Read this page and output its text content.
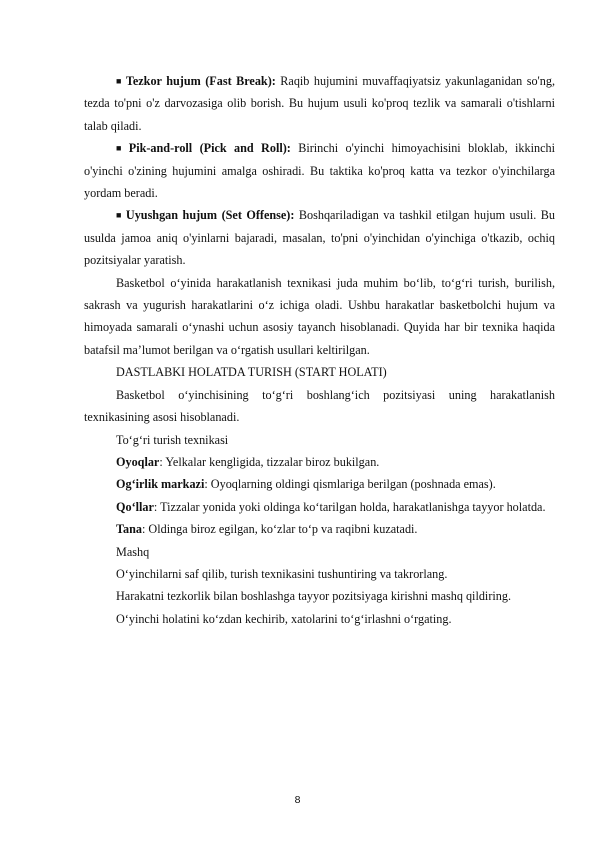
■ Tezkor hujum (Fast Break): Raqib hujumini muvaffaqiyatsiz yakunlaganidan so'ng, tezda to'pni o'z darvozasiga olib borish. Bu hujum usuli ko'proq tezlik va samarali o'tishlarni talab qiladi.

■ Pik-and-roll (Pick and Roll): Birinchi o'yinchi himoyachisini bloklab, ikkinchi o'yinchi o'zining hujumini amalga oshiradi. Bu taktika ko'proq katta va tezkor o'yinchilarga yordam beradi.

■ Uyushgan hujum (Set Offense): Boshqariladigan va tashkil etilgan hujum usuli. Bu usulda jamoa aniq o'yinlarni bajaradi, masalan, to'pni o'yinchidan o'yinchiga o'tkazib, ochiq pozitsiyalar yaratish.

Basketbol o‘yinida harakatlanish texnikasi juda muhim bo‘lib, to‘g‘ri turish, burilish, sakrash va yugurish harakatlarini o‘z ichiga oladi. Ushbu harakatlar basketbolchi hujum va himoyada samarali o‘ynashi uchun asosiy tayanch hisoblanadi. Quyida har bir texnika haqida batafsil ma’lumot berilgan va o‘rgatish usullari keltirilgan.

DASTLABKI HOLATDA TURISH (START HOLATI)

Basketbol o‘yinchisining to‘g‘ri boshlang‘ich pozitsiyasi uning harakatlanish texnikasining asosi hisoblanadi.

To‘g‘ri turish texnikasi

Oyoqlar: Yelkalar kengligida, tizzalar biroz bukilgan.

Og‘irlik markazi: Oyoqlarning oldingi qismlariga berilgan (poshnada emas).

Qo‘llar: Tizzalar yonida yoki oldinga ko‘tarilgan holda, harakatlanishga tayyor holatda.

Tana: Oldinga biroz egilgan, ko‘zlar to‘p va raqibni kuzatadi.

Mashq

O‘yinchilarni saf qilib, turish texnikasini tushuntiring va takrorlang.

Harakatni tezkorlik bilan boshlashga tayyor pozitsiyaga kirishni mashq qildiring.

O‘yinchi holatini ko‘zdan kechirib, xatolarini to‘g‘irlashni o‘rgating.

8
